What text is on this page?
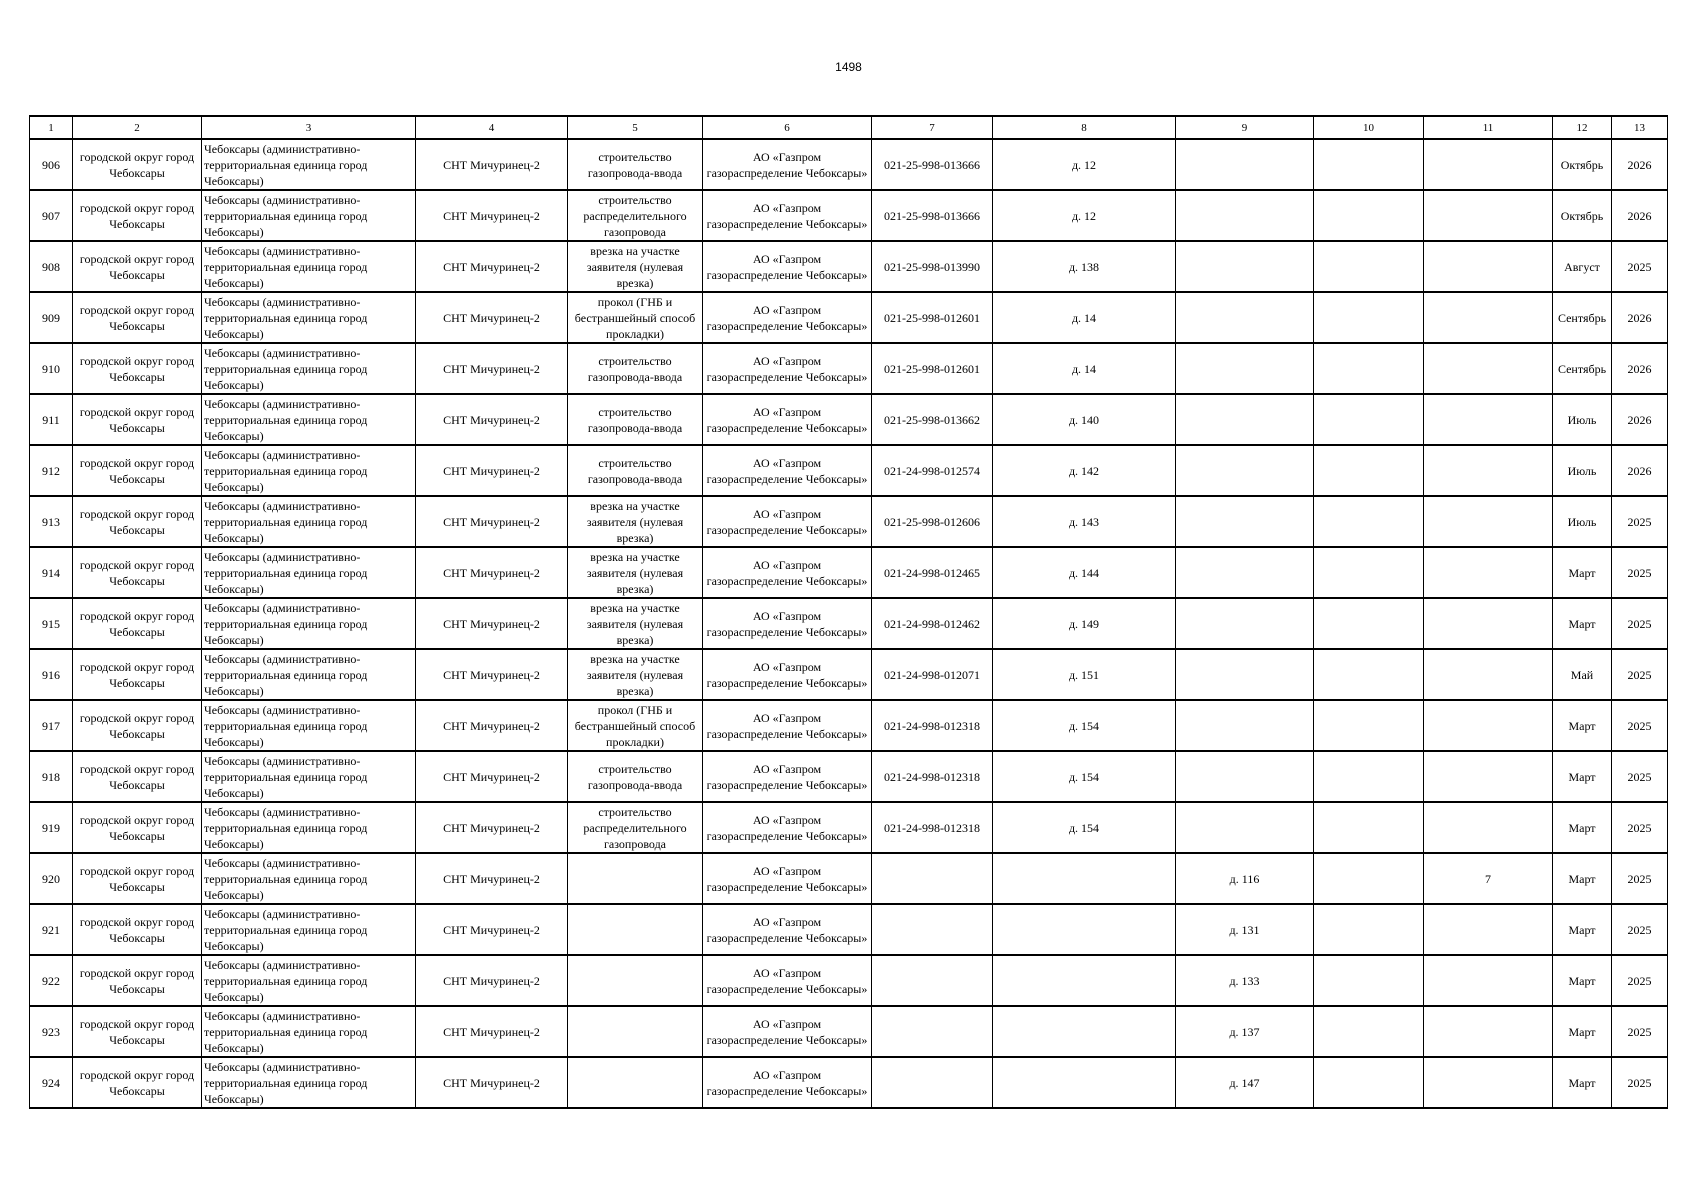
1498
1	2	3	4	5	6	7	8	9	10	11	12	13
906	городской округ город Чебоксары	Чебоксары (административно-территориальная единица город Чебоксары)	СНТ Мичуринец-2	строительство газопровода-ввода	АО «Газпром газораспределение Чебоксары»	021-25-998-013666	д. 12				Октябрь	2026
907	городской округ город Чебоксары	Чебоксары (административно-территориальная единица город Чебоксары)	СНТ Мичуринец-2	строительство распределительного газопровода	АО «Газпром газораспределение Чебоксары»	021-25-998-013666	д. 12				Октябрь	2026
908	городской округ город Чебоксары	Чебоксары (административно-территориальная единица город Чебоксары)	СНТ Мичуринец-2	врезка на участке заявителя (нулевая врезка)	АО «Газпром газораспределение Чебоксары»	021-25-998-013990	д. 138				Август	2025
909	городской округ город Чебоксары	Чебоксары (административно-территориальная единица город Чебоксары)	СНТ Мичуринец-2	прокол (ГНБ и бестраншейный способ прокладки)	АО «Газпром газораспределение Чебоксары»	021-25-998-012601	д. 14				Сентябрь	2026
910	городской округ город Чебоксары	Чебоксары (административно-территориальная единица город Чебоксары)	СНТ Мичуринец-2	строительство газопровода-ввода	АО «Газпром газораспределение Чебоксары»	021-25-998-012601	д. 14				Сентябрь	2026
911	городской округ город Чебоксары	Чебоксары (административно-территориальная единица город Чебоксары)	СНТ Мичуринец-2	строительство газопровода-ввода	АО «Газпром газораспределение Чебоксары»	021-25-998-013662	д. 140				Июль	2026
912	городской округ город Чебоксары	Чебоксары (административно-территориальная единица город Чебоксары)	СНТ Мичуринец-2	строительство газопровода-ввода	АО «Газпром газораспределение Чебоксары»	021-24-998-012574	д. 142				Июль	2026
913	городской округ город Чебоксары	Чебоксары (административно-территориальная единица город Чебоксары)	СНТ Мичуринец-2	врезка на участке заявителя (нулевая врезка)	АО «Газпром газораспределение Чебоксары»	021-25-998-012606	д. 143				Июль	2025
914	городской округ город Чебоксары	Чебоксары (административно-территориальная единица город Чебоксары)	СНТ Мичуринец-2	врезка на участке заявителя (нулевая врезка)	АО «Газпром газораспределение Чебоксары»	021-24-998-012465	д. 144				Март	2025
915	городской округ город Чебоксары	Чебоксары (административно-территориальная единица город Чебоксары)	СНТ Мичуринец-2	врезка на участке заявителя (нулевая врезка)	АО «Газпром газораспределение Чебоксары»	021-24-998-012462	д. 149				Март	2025
916	городской округ город Чебоксары	Чебоксары (административно-территориальная единица город Чебоксары)	СНТ Мичуринец-2	врезка на участке заявителя (нулевая врезка)	АО «Газпром газораспределение Чебоксары»	021-24-998-012071	д. 151				Май	2025
917	городской округ город Чебоксары	Чебоксары (административно-территориальная единица город Чебоксары)	СНТ Мичуринец-2	прокол (ГНБ и бестраншейный способ прокладки)	АО «Газпром газораспределение Чебоксары»	021-24-998-012318	д. 154				Март	2025
918	городской округ город Чебоксары	Чебоксары (административно-территориальная единица город Чебоксары)	СНТ Мичуринец-2	строительство газопровода-ввода	АО «Газпром газораспределение Чебоксары»	021-24-998-012318	д. 154				Март	2025
919	городской округ город Чебоксары	Чебоксары (административно-территориальная единица город Чебоксары)	СНТ Мичуринец-2	строительство распределительного газопровода	АО «Газпром газораспределение Чебоксары»	021-24-998-012318	д. 154				Март	2025
920	городской округ город Чебоксары	Чебоксары (административно-территориальная единица город Чебоксары)	СНТ Мичуринец-2		АО «Газпром газораспределение Чебоксары»			д. 116		7	Март	2025
921	городской округ город Чебоксары	Чебоксары (административно-территориальная единица город Чебоксары)	СНТ Мичуринец-2		АО «Газпром газораспределение Чебоксары»			д. 131			Март	2025
922	городской округ город Чебоксары	Чебоксары (административно-территориальная единица город Чебоксары)	СНТ Мичуринец-2		АО «Газпром газораспределение Чебоксары»			д. 133			Март	2025
923	городской округ город Чебоксары	Чебоксары (административно-территориальная единица город Чебоксары)	СНТ Мичуринец-2		АО «Газпром газораспределение Чебоксары»			д. 137			Март	2025
924	городской округ город Чебоксары	Чебоксары (административно-территориальная единица город Чебоксары)	СНТ Мичуринец-2		АО «Газпром газораспределение Чебоксары»			д. 147			Март	2025
